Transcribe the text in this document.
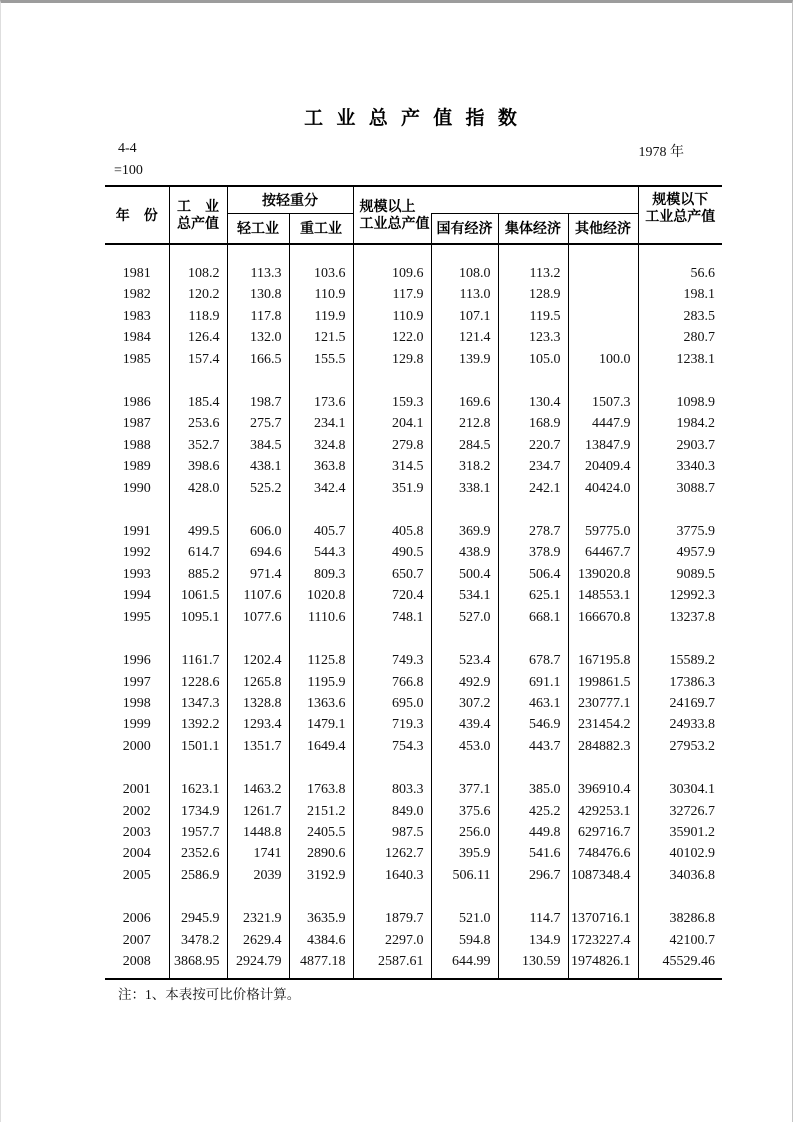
工 业 总 产 值 指 数
4-4	1978 年
=100
年　份	
工　业
总产值
	按轻重分	规模以上
工业总产值

规模以下
工业总产值

		轻工业	重工业		国有经济	集体经济	其他经济	

1981	108.2	113.3	103.6	109.6	108.0	113.2		56.6
1982	120.2	130.8	110.9	117.9	113.0	128.9		198.1
1983	118.9	117.8	119.9	110.9	107.1	119.5		283.5
1984	126.4	132.0	121.5	122.0	121.4	123.3		280.7
1985	157.4	166.5	155.5	129.8	139.9	105.0	100.0	1238.1

1986	185.4	198.7	173.6	159.3	169.6	130.4	1507.3	1098.9
1987	253.6	275.7	234.1	204.1	212.8	168.9	4447.9	1984.2
1988	352.7	384.5	324.8	279.8	284.5	220.7	13847.9	2903.7
1989	398.6	438.1	363.8	314.5	318.2	234.7	20409.4	3340.3
1990	428.0	525.2	342.4	351.9	338.1	242.1	40424.0	3088.7

1991	499.5	606.0	405.7	405.8	369.9	278.7	59775.0	3775.9
1992	614.7	694.6	544.3	490.5	438.9	378.9	64467.7	4957.9
1993	885.2	971.4	809.3	650.7	500.4	506.4	139020.8	9089.5
1994	1061.5	1107.6	1020.8	720.4	534.1	625.1	148553.1	12992.3
1995	1095.1	1077.6	1110.6	748.1	527.0	668.1	166670.8	13237.8

1996	1161.7	1202.4	1125.8	749.3	523.4	678.7	167195.8	15589.2
1997	1228.6	1265.8	1195.9	766.8	492.9	691.1	199861.5	17386.3
1998	1347.3	1328.8	1363.6	695.0	307.2	463.1	230777.1	24169.7
1999	1392.2	1293.4	1479.1	719.3	439.4	546.9	231454.2	24933.8
2000	1501.1	1351.7	1649.4	754.3	453.0	443.7	284882.3	27953.2

2001	1623.1	1463.2	1763.8	803.3	377.1	385.0	396910.4	30304.1
2002	1734.9	1261.7	2151.2	849.0	375.6	425.2	429253.1	32726.7
2003	1957.7	1448.8	2405.5	987.5	256.0	449.8	629716.7	35901.2
2004	2352.6	1741	2890.6	1262.7	395.9	541.6	748476.6	40102.9
2005	2586.9	2039	3192.9	1640.3	506.11	296.7	1087348.4	34036.8

2006	2945.9	2321.9	3635.9	1879.7	521.0	114.7	1370716.1	38286.8
2007	3478.2	2629.4	4384.6	2297.0	594.8	134.9	1723227.4	42100.7
2008	3868.95	2924.79	4877.18	2587.61	644.99	130.59	1974826.1	45529.46

注：1、本表按可比价格计算。
